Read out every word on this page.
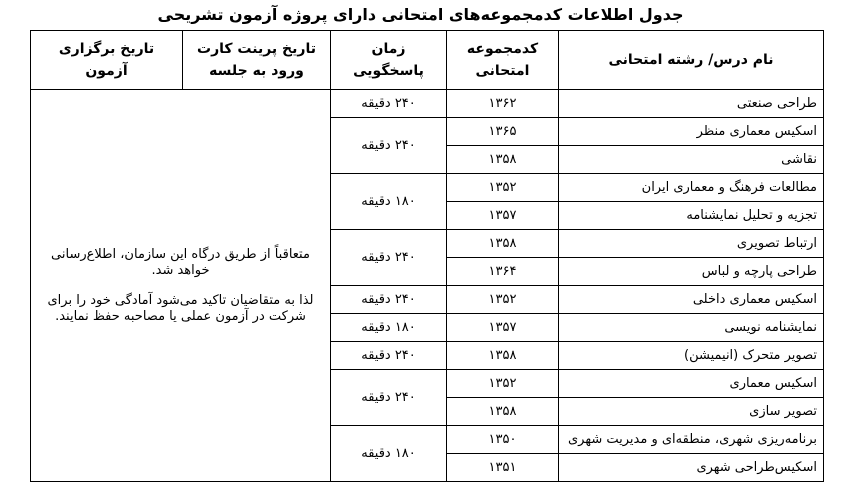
جدول اطلاعات کدمجموعه‌های امتحانی دارای پروژه آزمون تشریحی
نام درس/ رشته امتحانی	کدمجموعه امتحانی	زمان پاسخگویی	تاریخ پرینت کارت ورود به جلسه	تاریخ برگزاری آزمون
طراحی صنعتی	۱۳۶۲	۲۴۰ دقیقه	متعاقباً از طریق درگاه این سازمان، اطلاع‌رسانی خواهد شد.

لذا به متقاضیان تاکید می‌شود آمادگی خود را برای شرکت در آزمون عملی یا مصاحبه حفظ نمایند.	

اسکیس معماری منظر	۱۳۶۵	۲۴۰ دقیقه		
نقاشی	۱۳۵۸			
مطالعات فرهنگ و معماری ایران	۱۳۵۲	۱۸۰ دقیقه		
تجزیه و تحلیل نمایشنامه	۱۳۵۷			
ارتباط تصویری	۱۳۵۸	۲۴۰ دقیقه		
طراحی پارچه و لباس	۱۳۶۴			
اسکیس معماری داخلی	۱۳۵۲	۲۴۰ دقیقه		
نمایشنامه نویسی	۱۳۵۷	۱۸۰ دقیقه		
تصویر متحرک (انیمیشن)	۱۳۵۸	۲۴۰ دقیقه		
اسکیس معماری	۱۳۵۲	۲۴۰ دقیقه		
تصویر سازی	۱۳۵۸			
برنامه‌ریزی شهری، منطقه‌ای و مدیریت شهری	۱۳۵۰	۱۸۰ دقیقه		
اسکیس‌طراحی شهری	۱۳۵۱			
